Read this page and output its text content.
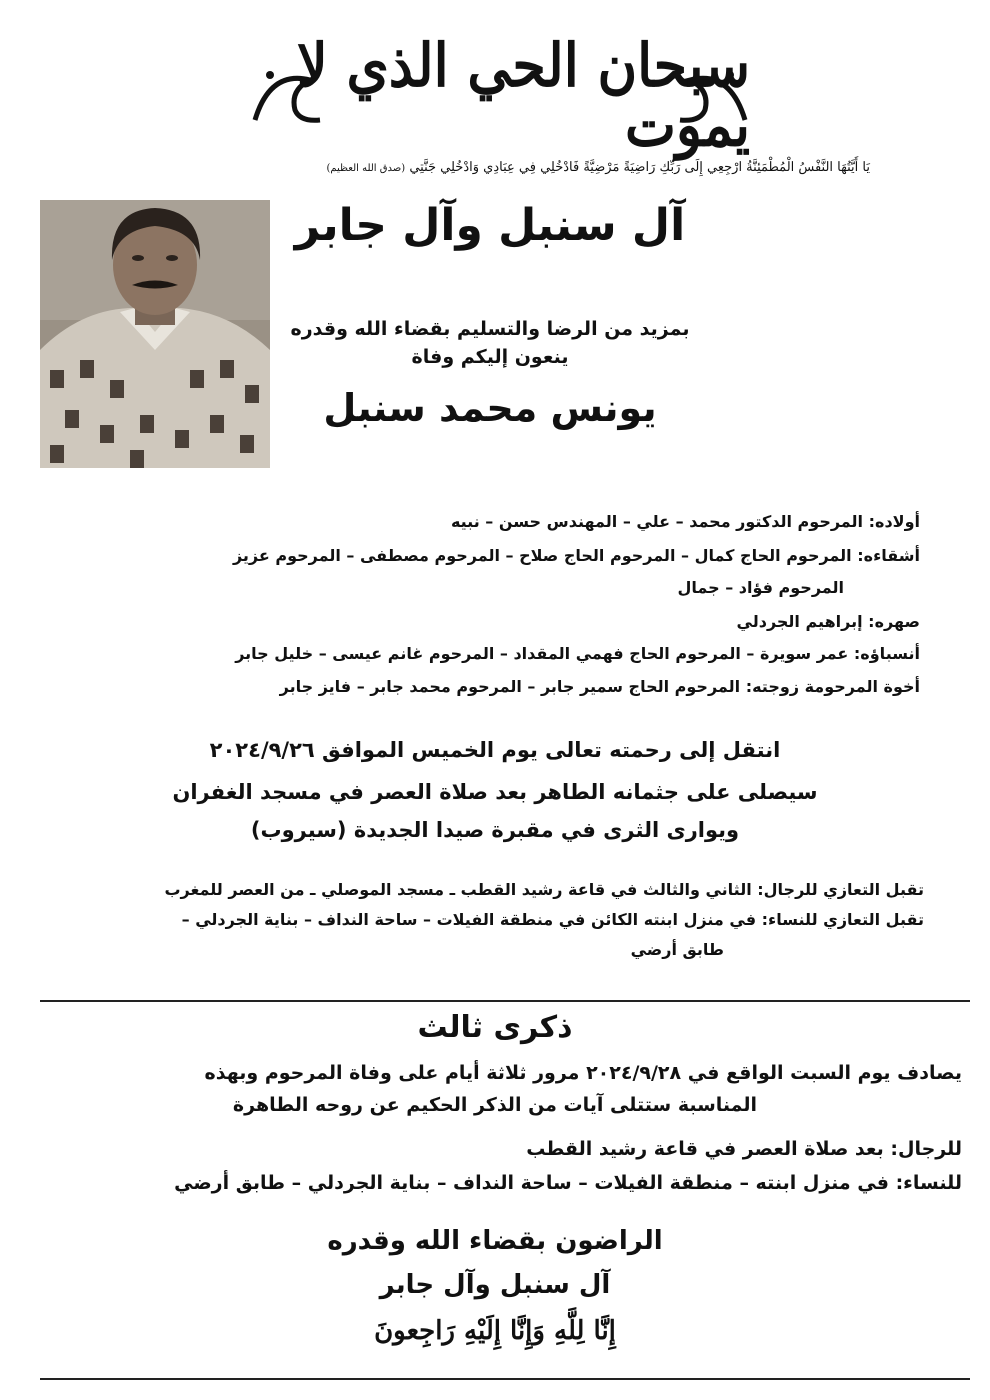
سبحان الحي الذي لا يموت
يَا أَيَّتُهَا النَّفْسُ الْمُطْمَئِنَّةُ ارْجِعِي إِلَى رَبِّكِ رَاضِيَةً مَرْضِيَّةً فَادْخُلِي فِي عِبَادِي وَادْخُلِي جَنَّتِي (صدق الله العظيم)
آل سنبل وآل جابر
بمزيد من الرضا والتسليم بقضاء الله وقدره
ينعون إليكم وفاة
يونس محمد سنبل
أولاده: المرحوم الدكتور محمد – علي – المهندس حسن – نبيه
أشقاءه: المرحوم الحاج كمال – المرحوم الحاج صلاح – المرحوم مصطفى – المرحوم عزيز
المرحوم فؤاد – جمال
صهره: إبراهيم الجردلي
أنسباؤه: عمر سويرة – المرحوم الحاج فهمي المقداد – المرحوم غانم عيسى – خليل جابر
أخوة المرحومة زوجته: المرحوم الحاج سمير جابر – المرحوم محمد جابر – فايز جابر
انتقل إلى رحمته تعالى يوم الخميس الموافق ٢٠٢٤/٩/٢٦
سيصلى على جثمانه الطاهر بعد صلاة العصر في مسجد الغفران
ويوارى الثرى في مقبرة صيدا الجديدة (سيروب)
تقبل التعازي للرجال: الثاني والثالث في قاعة رشيد القطب ـ مسجد الموصلي ـ من العصر للمغرب
تقبل التعازي للنساء: في منزل ابنته الكائن في منطقة الفيلات – ساحة النداف – بناية الجردلي –
طابق أرضي
ذكرى ثالث
يصادف يوم السبت الواقع في ٢٠٢٤/٩/٢٨ مرور ثلاثة أيام على وفاة المرحوم وبهذه
المناسبة ستتلى آيات من الذكر الحكيم عن روحه الطاهرة
للرجال: بعد صلاة العصر في قاعة رشيد القطب
للنساء: في منزل ابنته – منطقة الفيلات – ساحة النداف – بناية الجردلي – طابق أرضي
الراضون بقضاء الله وقدره
آل سنبل وآل جابر
إِنَّا لِلَّهِ وَإِنَّا إِلَيْهِ رَاجِعونَ
